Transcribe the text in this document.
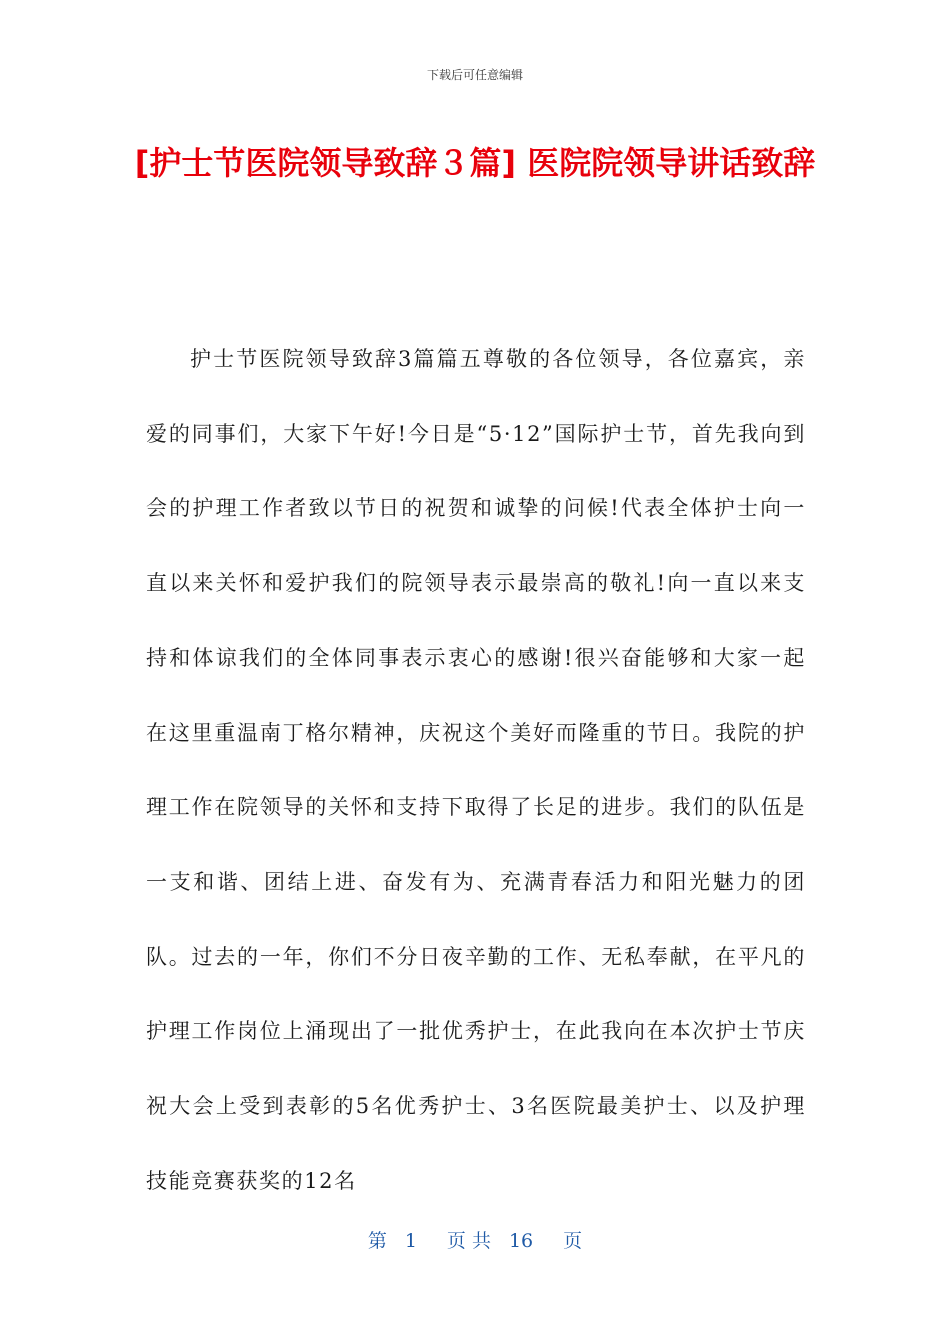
下载后可任意编辑
[护士节医院领导致辞３篇] 医院院领导讲话致辞

护士节医院领导致辞3篇篇五尊敬的各位领导，各位嘉宾，亲爱的同事们，大家下午好!今日是“5·12”国际护士节，首先我向到会的护理工作者致以节日的祝贺和诚挚的问候!代表全体护士向一直以来关怀和爱护我们的院领导表示最崇高的敬礼!向一直以来支持和体谅我们的全体同事表示衷心的感谢!很兴奋能够和大家一起在这里重温南丁格尔精神，庆祝这个美好而隆重的节日。我院的护理工作在院领导的关怀和支持下取得了长足的进步。我们的队伍是一支和谐、团结上进、奋发有为、充满青春活力和阳光魅力的团队。过去的一年，你们不分日夜辛勤的工作、无私奉献，在平凡的护理工作岗位上涌现出了一批优秀护士，在此我向在本次护士节庆祝大会上受到表彰的5名优秀护士、3名医院最美护士、以及护理技能竞赛获奖的12名

第 1 页 共 16 页
